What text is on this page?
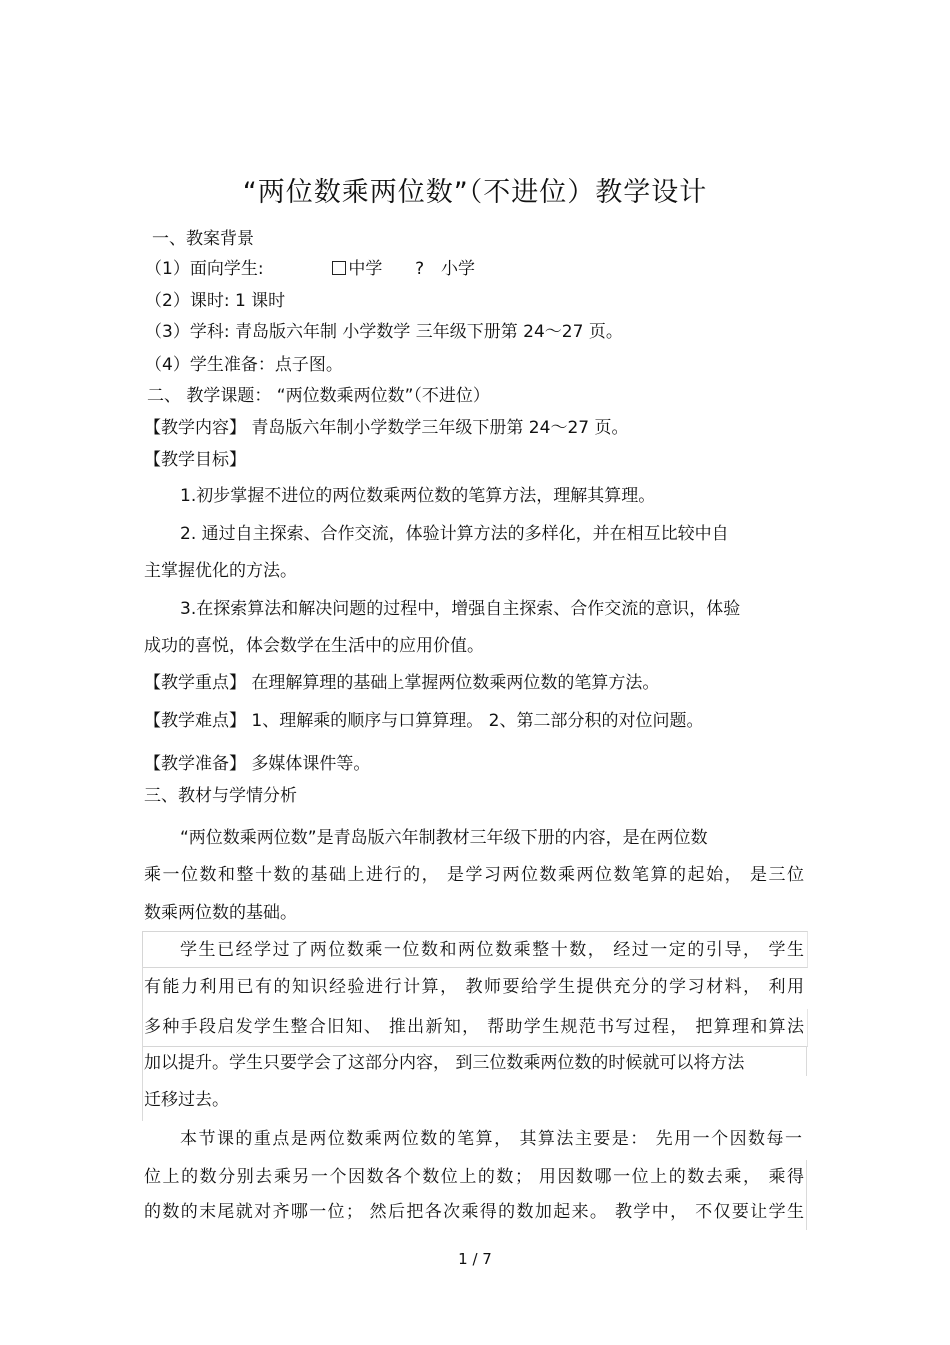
“两位数乘两位数”（不进位）教学设计
一、教案背景
（1）面向学生:	中学 ? 小学
（2）课时: 1 课时
（3）学科: 青岛版六年制 小学数学 三年级下册第 24～27 页。
（4）学生准备：点子图。
二、 教学课题： “两位数乘两位数”（不进位）
【教学内容】 青岛版六年制小学数学三年级下册第 24～27 页。
【教学目标】
1.初步掌握不进位的两位数乘两位数的笔算方法，理解其算理。
2. 通过自主探索、合作交流，体验计算方法的多样化，并在相互比较中自
主掌握优化的方法。
3.在探索算法和解决问题的过程中，增强自主探索、合作交流的意识，体验
成功的喜悦，体会数学在生活中的应用价值。
【教学重点】 在理解算理的基础上掌握两位数乘两位数的笔算方法。
【教学难点】 1、理解乘的顺序与口算算理。 2、第二部分积的对位问题。
【教学准备】 多媒体课件等。
三、教材与学情分析
“两位数乘两位数”是青岛版六年制教材三年级下册的内容，是在两位数
乘一位数和整十数的基础上进行的， 是学习两位数乘两位数笔算的起始， 是三位
数乘两位数的基础。
学生已经学过了两位数乘一位数和两位数乘整十数， 经过一定的引导， 学生
有能力利用已有的知识经验进行计算， 教师要给学生提供充分的学习材料， 利用
多种手段启发学生整合旧知、 推出新知， 帮助学生规范书写过程， 把算理和算法
加以提升。学生只要学会了这部分内容， 到三位数乘两位数的时候就可以将方法
迁移过去。
本节课的重点是两位数乘两位数的笔算， 其算法主要是： 先用一个因数每一
位上的数分别去乘另一个因数各个数位上的数； 用因数哪一位上的数去乘， 乘得
的数的末尾就对齐哪一位； 然后把各次乘得的数加起来。 教学中， 不仅要让学生
1 / 7
